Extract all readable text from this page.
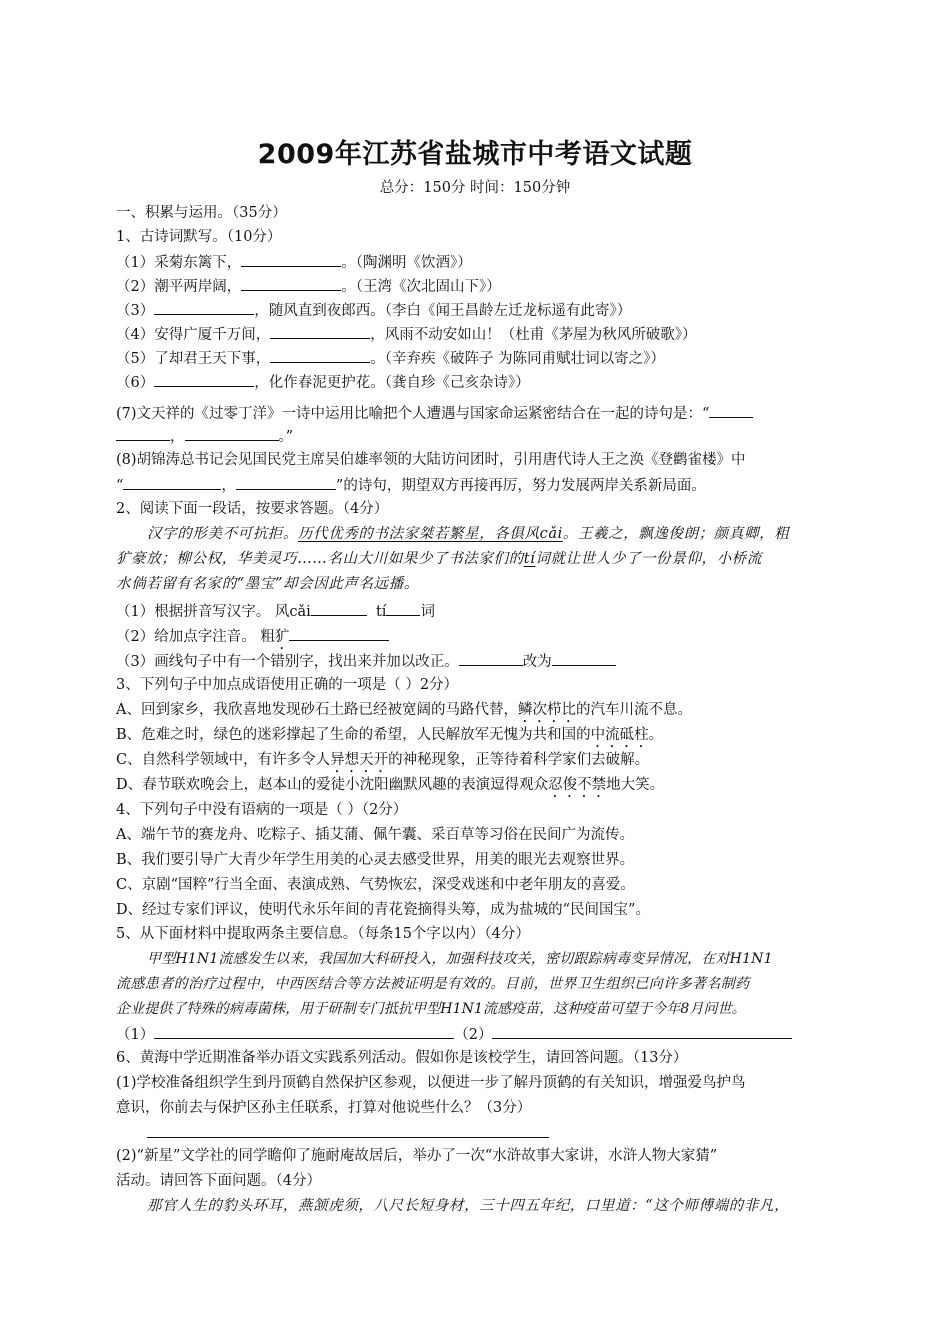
2009年江苏省盐城市中考语文试题
总分：150分 时间：150分钟
一、积累与运用。（35分）
1、古诗词默写。（10分）
（1）采菊东篱下，	。（陶渊明《饮酒》）
（2）潮平两岸阔，	。（王湾《次北固山下》）
（3）	，随风直到夜郎西。（李白《闻王昌龄左迁龙标遥有此寄》）
（4）安得广厦千万间，	，风雨不动安如山！（杜甫《茅屋为秋风所破歌》）
（5）了却君王天下事，	。（辛弃疾《破阵子 为陈同甫赋壮词以寄之》）
（6）	，化作春泥更护花。（龚自珍《己亥杂诗》）
(7)文天祥的《过零丁洋》一诗中运用比喻把个人遭遇与国家命运紧密结合在一起的诗句是：“
，	。”
(8)胡锦涛总书记会见国民党主席吴伯雄率领的大陆访问团时，引用唐代诗人王之涣《登鹳雀楼》中
“	，	”的诗句，期望双方再接再厉，努力发展两岸关系新局面。
2、阅读下面一段话，按要求答题。（4分）
汉字的形美不可抗拒。历代优秀的书法家桀若繁星，各俱风cǎi。王羲之，飘逸俊朗；颜真卿，粗
犷豪放；柳公权，华美灵巧……名山大川如果少了书法家们的tí词就让世人少了一份景仰，小桥流
水倘若留有名家的“墨宝”却会因此声名远播。
（1）根据拼音写汉字。 风cǎi	tí 词
（2）给加点字注音。 粗犷
（3）画线句子中有一个错别字，找出来并加以改正。	改为
3、下列句子中加点成语使用正确的一项是（ ）2分）
A、回到家乡，我欣喜地发现砂石土路已经被宽阔的马路代替，鳞次栉比的汽车川流不息。
B、危难之时，绿色的迷彩撑起了生命的希望，人民解放军无愧为共和国的中流砥柱。
C、自然科学领域中，有许多令人异想天开的神秘现象，正等待着科学家们去破解。
D、春节联欢晚会上，赵本山的爱徒小沈阳幽默风趣的表演逗得观众忍俊不禁地大笑。
4、下列句子中没有语病的一项是（ ）（2分）
A、端午节的赛龙舟、吃粽子、插艾蒲、佩午囊、采百草等习俗在民间广为流传。
B、我们要引导广大青少年学生用美的心灵去感受世界，用美的眼光去观察世界。
C、京剧“国粹”行当全面、表演成熟、气势恢宏，深受戏迷和中老年朋友的喜爱。
D、经过专家们评议，使明代永乐年间的青花瓷摘得头筹，成为盐城的“民间国宝”。
5、从下面材料中提取两条主要信息。（每条15个字以内）（4分）
甲型H1N1流感发生以来，我国加大科研投入，加强科技攻关，密切跟踪病毒变异情况，在对H1N1
流感患者的治疗过程中，中西医结合等方法被证明是有效的。目前，世界卫生组织已向许多著名制药
企业提供了特殊的病毒菌株，用于研制专门抵抗甲型H1N1流感疫苗，这种疫苗可望于今年8月问世。
（1）	（2）
6、黄海中学近期准备举办语文实践系列活动。假如你是该校学生，请回答问题。（13分）
(1)学校准备组织学生到丹顶鹤自然保护区参观，以便进一步了解丹顶鹤的有关知识，增强爱鸟护鸟
意识，你前去与保护区孙主任联系，打算对他说些什么？（3分）
(2)“新星”文学社的同学瞻仰了施耐庵故居后，举办了一次“水浒故事大家讲，水浒人物大家猜”
活动。请回答下面问题。（4分）
那官人生的豹头环耳，燕颔虎须，八尺长短身材，三十四五年纪，口里道：“这个师傅端的非凡，
